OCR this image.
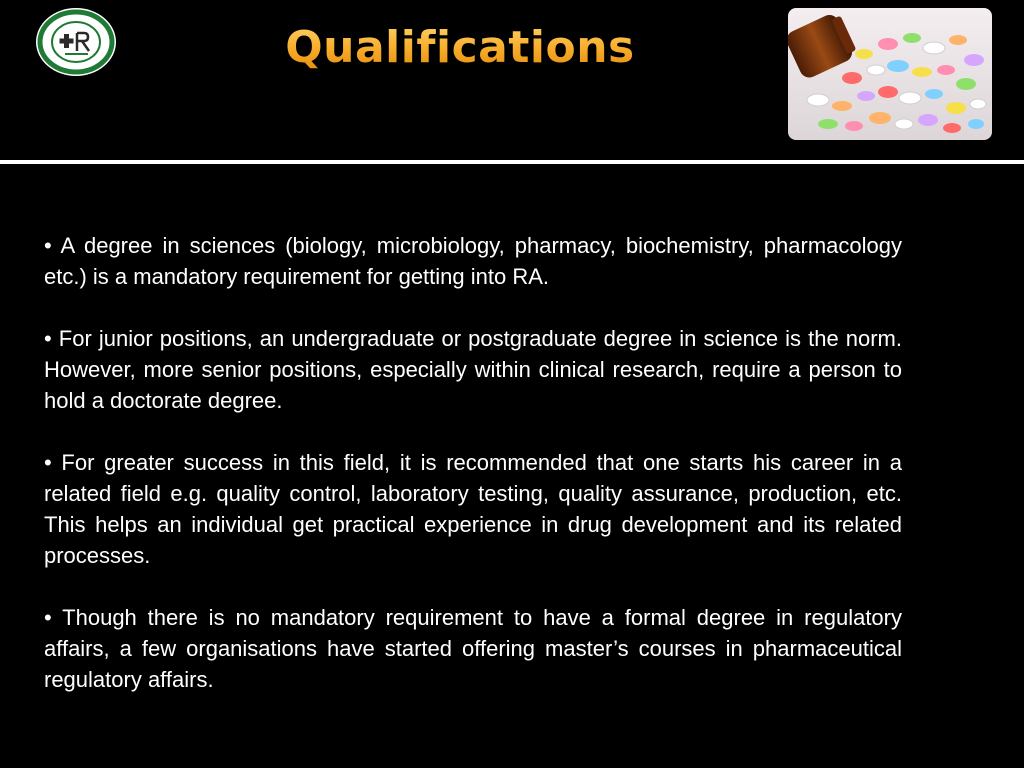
Qualifications

• A degree in sciences (biology, microbiology, pharmacy, biochemistry, pharmacology etc.) is a mandatory requirement for getting into RA.

• For junior positions, an undergraduate or postgraduate degree in science is the norm. However, more senior positions, especially within clinical research, require a person to hold a doctorate degree.

• For greater success in this field, it is recommended that one starts his career in a related field e.g. quality control, laboratory testing, quality assurance, production, etc. This helps an individual get practical experience in drug development and its related processes.

• Though there is no mandatory requirement to have a formal degree in regulatory affairs, a few organisations have started offering master’s courses in pharmaceutical regulatory affairs.
